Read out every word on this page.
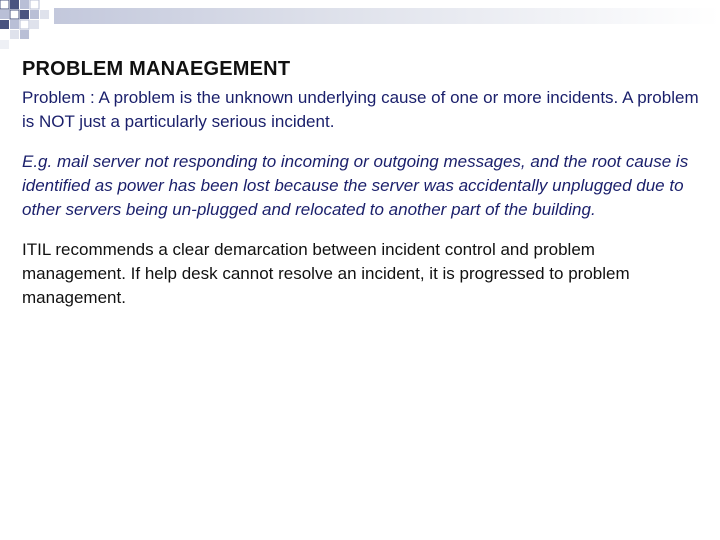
PROBLEM MANAEGEMENT

Problem : A problem is the unknown underlying cause of one or more incidents. A problem is NOT just a particularly serious incident.

E.g. mail server not responding to incoming or outgoing messages, and the root cause is identified as power has been lost because the server was accidentally unplugged due to other servers being un-plugged and relocated to another part of the building.

ITIL recommends a clear demarcation between incident control and problem management. If help desk cannot resolve an incident, it is progressed to problem management.
